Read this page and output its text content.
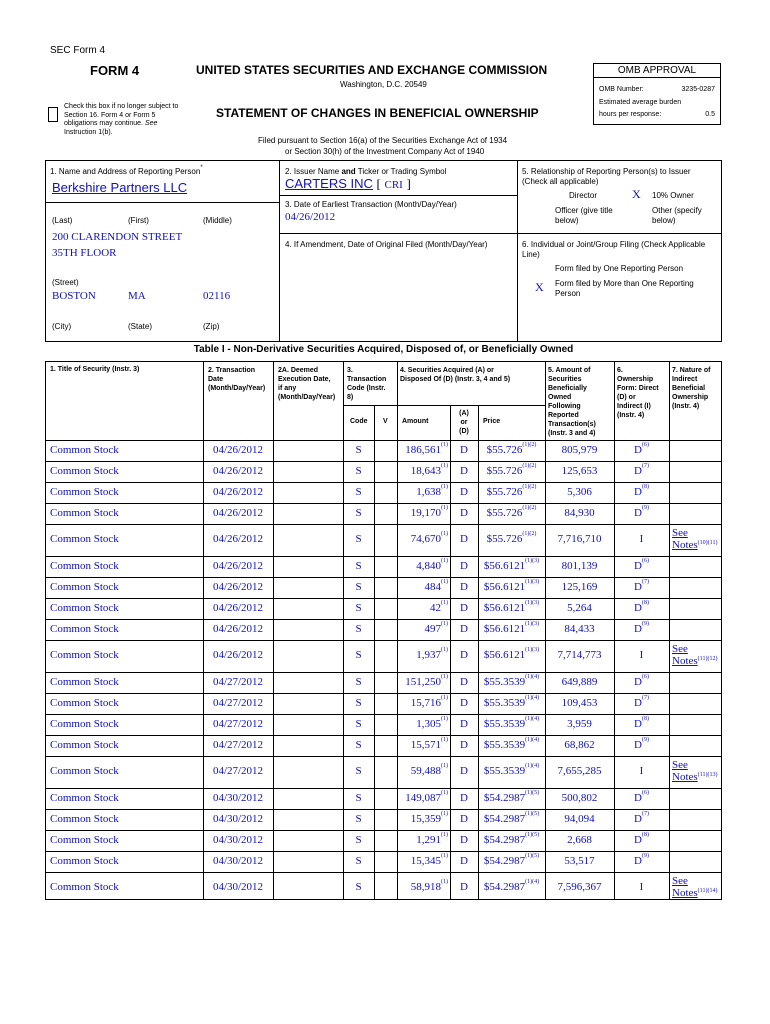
SEC Form 4
FORM 4	UNITED STATES SECURITIES AND EXCHANGE COMMISSION
Washington, D.C. 20549
STATEMENT OF CHANGES IN BENEFICIAL OWNERSHIP
Check this box if no longer subject to Section 16. Form 4 or Form 5 obligations may continue. See Instruction 1(b).
OMB APPROVAL
OMB Number:	3235-0287
Estimated average burden
hours per response:	0.5
Filed pursuant to Section 16(a) of the Securities Exchange Act of 1934
or Section 30(h) of the Investment Company Act of 1940
1. Name and Address of Reporting Person*
Berkshire Partners LLC
(Last)	(First)	(Middle)
200 CLARENDON STREET
35TH FLOOR
(Street)
BOSTON	MA	02116
(City)	(State)	(Zip)
2. Issuer Name and Ticker or Trading Symbol
CARTERS INC [ CRI ]
3. Date of Earliest Transaction (Month/Day/Year)
04/26/2012
4. If Amendment, Date of Original Filed (Month/Day/Year)
5. Relationship of Reporting Person(s) to Issuer
(Check all applicable)
Director	X 10% Owner
Officer (give title
below)
Other (specify
below)
6. Individual or Joint/Group Filing (Check Applicable
Line)
Form filed by One Reporting Person
X Form filed by More than One Reporting
Person
Table I - Non-Derivative Securities Acquired, Disposed of, or Beneficially Owned
1. Title of Security (Instr. 3)	2. Transaction
Date
(Month/Day/Year)
2A. Deemed
Execution Date,
if any
(Month/Day/Year)
3.
Transaction
Code (Instr.
8)
4. Securities Acquired (A) or
Disposed Of (D) (Instr. 3, 4 and 5)
5. Amount of
Securities
Beneficially
Owned
Following
Reported
Transaction(s)
(Instr. 3 and 4)
6.
Ownership
Form: Direct
(D) or
Indirect (I)
(Instr. 4)
7. Nature of
Indirect
Beneficial
Ownership
(Instr. 4)
Code V Amount
(A)
or
(D)
Price
Common Stock	04/26/2012	S	186,561$^{(1)}$	D	$\$55.726^{(1)(2)}$	805,979	$D^{(6)}$
Common Stock	04/26/2012	S	18,643$^{(1)}$	D	$\$55.726^{(1)(2)}$	125,653	$D^{(7)}$
Common Stock	04/26/2012	S	1,638$^{(1)}$	D	$\$55.726^{(1)(2)}$	5,306	$D^{(8)}$
Common Stock	04/26/2012	S	19,170$^{(1)}$	D	$\$55.726^{(1)(2)}$	84,930	$D^{(9)}$
Common Stock	04/26/2012	S	74,670$^{(1)}$	D	$\$55.726^{(1)(2)}$	7,716,710	I	See Notes$^{(10)(11)}$
Common Stock	04/26/2012	S	4,840$^{(1)}$	D	$\$56.6121^{(1)(3)}$	801,139	$D^{(6)}$
Common Stock	04/26/2012	S	484$^{(1)}$	D	$\$56.6121^{(1)(3)}$	125,169	$D^{(7)}$
Common Stock	04/26/2012	S	42$^{(1)}$	D	$\$56.6121^{(1)(3)}$	5,264	$D^{(8)}$
Common Stock	04/26/2012	S	497$^{(1)}$	D	$\$56.6121^{(1)(3)}$	84,433	$D^{(9)}$
Common Stock	04/26/2012	S	1,937$^{(1)}$	D	$\$56.6121^{(1)(3)}$	7,714,773	I	See Notes$^{(11)(12)}$
Common Stock	04/27/2012	S	151,250$^{(1)}$	D	$\$55.3539^{(1)(4)}$	649,889	$D^{(6)}$
Common Stock	04/27/2012	S	15,716$^{(1)}$	D	$\$55.3539^{(1)(4)}$	109,453	$D^{(7)}$
Common Stock	04/27/2012	S	1,305$^{(1)}$	D	$\$55.3539^{(1)(4)}$	3,959	$D^{(8)}$
Common Stock	04/27/2012	S	15,571$^{(1)}$	D	$\$55.3539^{(1)(4)}$	68,862	$D^{(9)}$
Common Stock	04/27/2012	S	59,488$^{(1)}$	D	$\$55.3539^{(1)(4)}$	7,655,285	I	See Notes$^{(11)(13)}$
Common Stock	04/30/2012	S	149,087$^{(1)}$	D	$\$54.2987^{(1)(5)}$	500,802	$D^{(6)}$
Common Stock	04/30/2012	S	15,359$^{(1)}$	D	$\$54.2987^{(1)(5)}$	94,094	$D^{(7)}$
Common Stock	04/30/2012	S	1,291$^{(1)}$	D	$\$54.2987^{(1)(5)}$	2,668	$D^{(8)}$
Common Stock	04/30/2012	S	15,345$^{(1)}$	D	$\$54.2987^{(1)(5)}$	53,517	$D^{(9)}$
Common Stock	04/30/2012	S	58,918$^{(1)}$	D	$\$54.2987^{(1)(4)}$	7,596,367	I	See Notes$^{(11)(14)}$
